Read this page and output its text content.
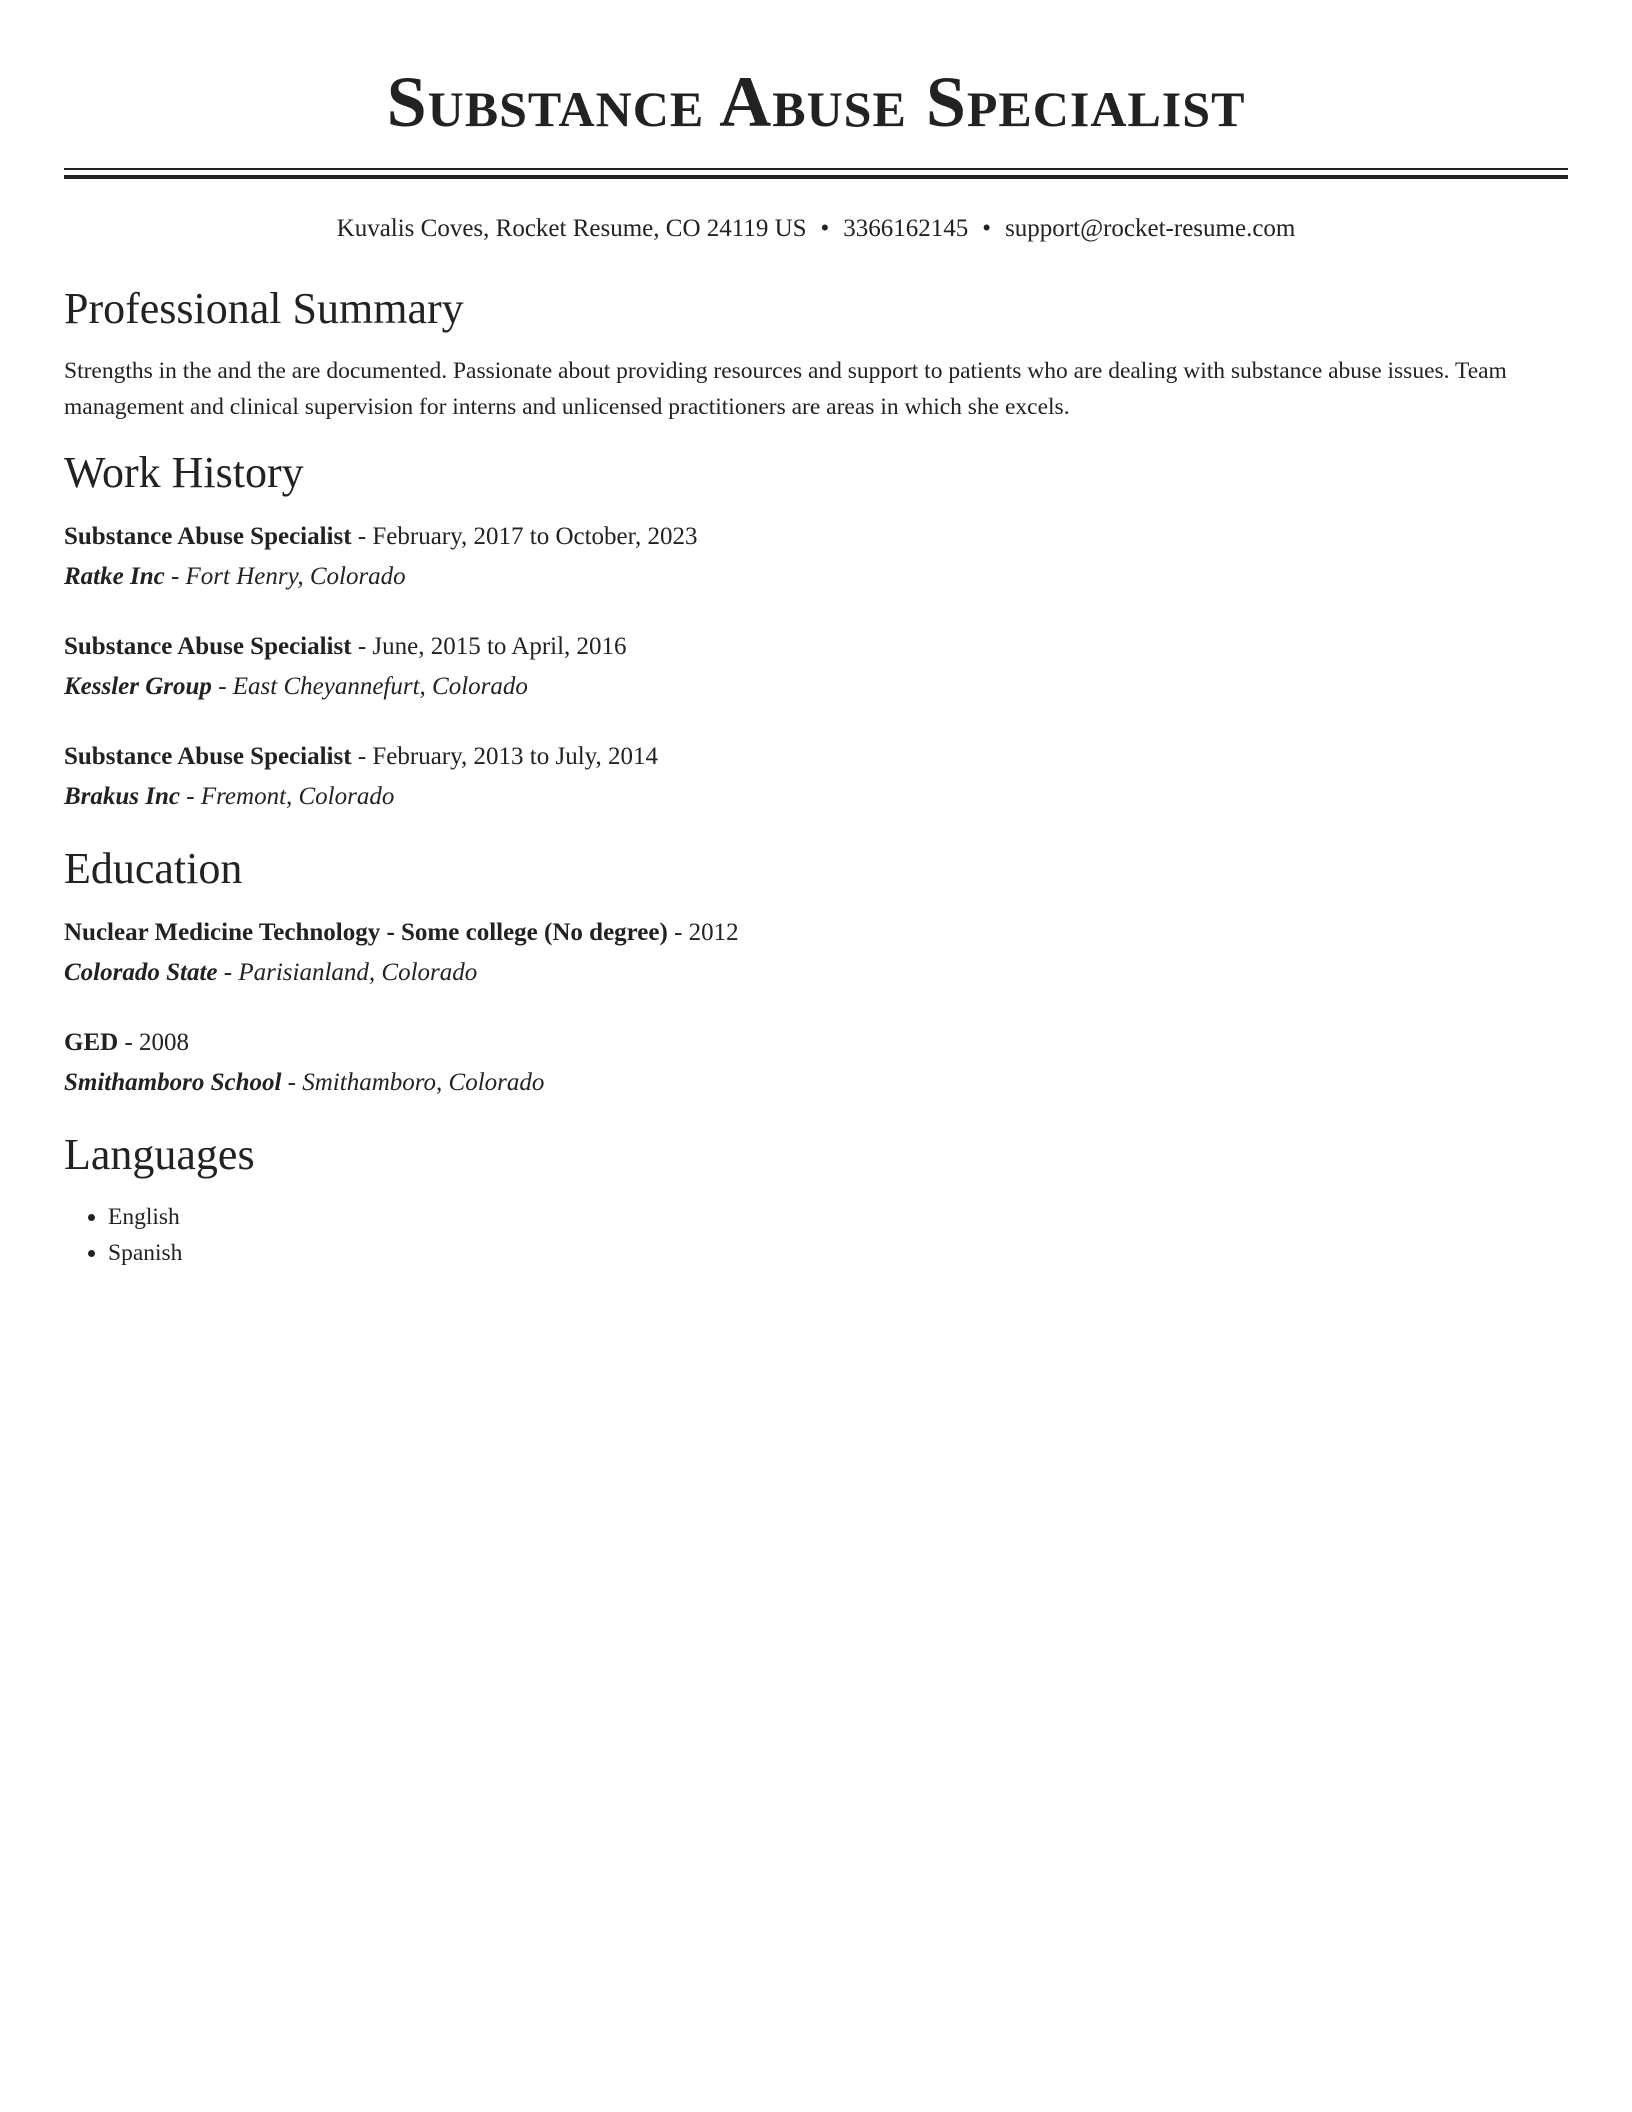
Substance Abuse Specialist
Kuvalis Coves, Rocket Resume, CO 24119 US • 3366162145 • support@rocket-resume.com
Professional Summary
Strengths in the and the are documented. Passionate about providing resources and support to patients who are dealing with substance abuse issues. Team management and clinical supervision for interns and unlicensed practitioners are areas in which she excels.
Work History
Substance Abuse Specialist - February, 2017 to October, 2023
Ratke Inc - Fort Henry, Colorado
Substance Abuse Specialist - June, 2015 to April, 2016
Kessler Group - East Cheyannefurt, Colorado
Substance Abuse Specialist - February, 2013 to July, 2014
Brakus Inc - Fremont, Colorado
Education
Nuclear Medicine Technology - Some college (No degree) - 2012
Colorado State - Parisianland, Colorado
GED - 2008
Smithamboro School - Smithamboro, Colorado
Languages
• English
• Spanish
